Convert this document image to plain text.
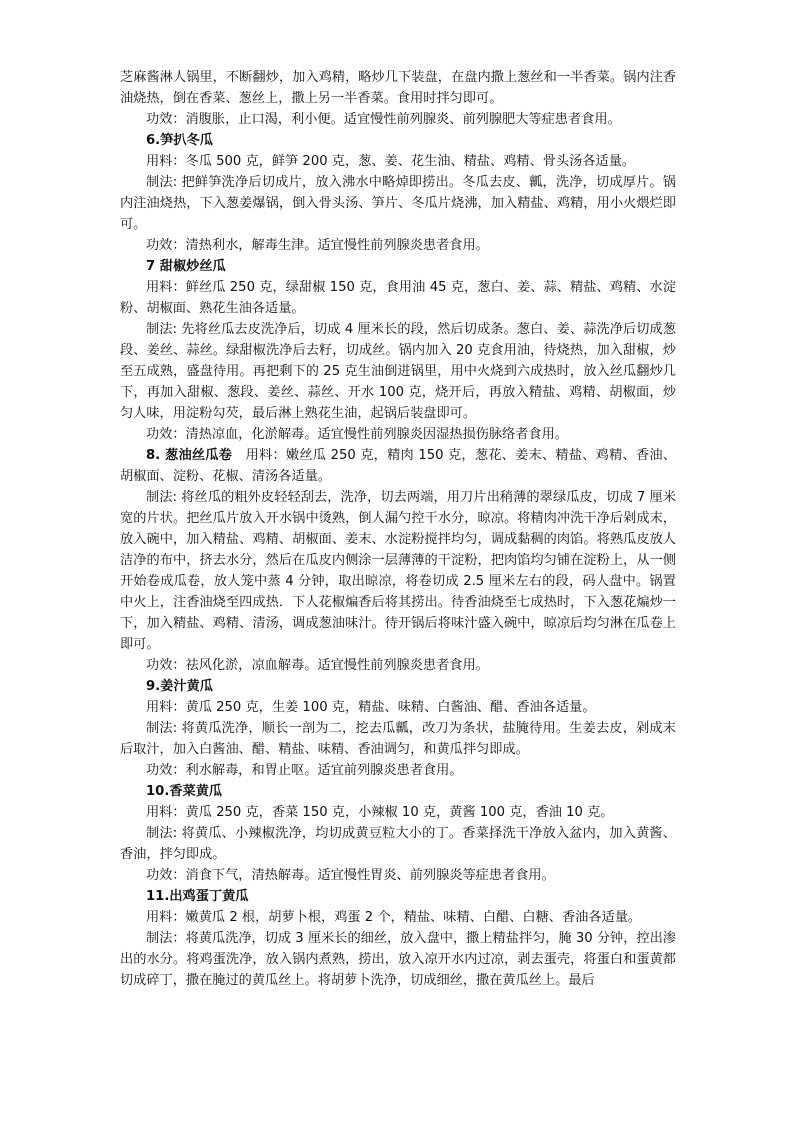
芝麻酱淋人锅里，不断翻炒，加入鸡精，略炒几下装盘，在盘内撒上葱丝和一半香菜。锅内注香油烧热，倒在香菜、葱丝上，撒上另一半香菜。食用时拌匀即可。

功效：消腹胀，止口渴，利小便。适宜慢性前列腺炎、前列腺肥大等症患者食用。

6.笋扒冬瓜

用料：冬瓜 500 克，鲜笋 200 克，葱、姜、花生油、精盐、鸡精、骨头汤各适量。

制法: 把鲜笋洗净后切成片，放入沸水中略焯即捞出。冬瓜去皮、瓤，洗净，切成厚片。锅内注油烧热，下入葱姜爆锅，倒入骨头汤、笋片、冬瓜片烧沸，加入精盐、鸡精，用小火煨烂即可。

功效：清热利水，解毒生津。适宜慢性前列腺炎患者食用。

7 甜椒炒丝瓜

用料：鲜丝瓜 250 克，绿甜椒 150 克，食用油 45 克，葱白、姜、蒜、精盐、鸡精、水淀粉、胡椒面、熟花生油各适量。

制法: 先将丝瓜去皮洗净后，切成 4 厘米长的段，然后切成条。葱白、姜、蒜洗净后切成葱段、姜丝、蒜丝。绿甜椒洗净后去籽，切成丝。锅内加入 20 克食用油，待烧热，加入甜椒，炒至五成熟，盛盘待用。再把剩下的 25 克生油倒进锅里，用中火烧到六成热时，放入丝瓜翻炒几下，再加入甜椒、葱段、姜丝、蒜丝、开水 100 克，烧开后，再放入精盐、鸡精、胡椒面，炒匀人味，用淀粉勾芡，最后淋上熟花生油，起锅后装盘即可。

功效：清热凉血，化淤解毒。适宜慢性前列腺炎因湿热损伤脉络者食用。

8. 葱油丝瓜卷  用料：嫩丝瓜 250 克，精肉 150 克，葱花、姜末、精盐、鸡精、香油、胡椒面、淀粉、花椒、清汤各适量。

制法: 将丝瓜的粗外皮轻轻刮去，洗净，切去两端，用刀片出稍薄的翠绿瓜皮，切成 7 厘米宽的片状。把丝瓜片放入开水锅中烫熟，倒人漏勺控干水分，晾凉。将精肉冲洗干净后剁成末，放入碗中，加入精盐、鸡精、胡椒面、姜末、水淀粉搅拌均匀，调成黏稠的肉馅。将熟瓜皮放人洁净的布中，挤去水分，然后在瓜皮内侧涂一层薄薄的干淀粉，把肉馅均匀铺在淀粉上，从一侧开始卷成瓜卷，放人笼中蒸 4 分钟，取出晾凉，将卷切成 2.5 厘米左右的段，码人盘中。锅置中火上，注香油烧至四成热．下人花椒煸香后将其捞出。待香油烧至七成热时，下入葱花煸炒一下，加入精盐、鸡精、清汤，调成葱油味汁。待开锅后将味汁盛入碗中，晾凉后均匀淋在瓜卷上即可。

功效：祛风化淤，凉血解毒。适宜慢性前列腺炎患者食用。

9.姜汁黄瓜

用料：黄瓜 250 克，生姜 100 克，精盐、味精、白酱油、醋、香油各适量。

制法: 将黄瓜洗净，顺长一剖为二，挖去瓜瓤，改刀为条状，盐腌待用。生姜去皮，剁成末后取汁，加入白酱油、醋、精盐、味精、香油调匀，和黄瓜拌匀即成。

功效：利水解毒，和胃止呕。适宜前列腺炎患者食用。

10.香菜黄瓜

用料：黄瓜 250 克，香菜 150 克，小辣椒 10 克，黄酱 100 克，香油 10 克。

制法: 将黄瓜、小辣椒洗净，均切成黄豆粒大小的丁。香菜择洗干净放入盆内，加入黄酱、香油，拌匀即成。

功效：消食下气，清热解毒。适宜慢性胃炎、前列腺炎等症患者食用。

11.出鸡蛋丁黄瓜

用料：嫩黄瓜 2 根，胡萝卜根，鸡蛋 2 个，精盐、味精、白醋、白糖、香油各适量。

制法：将黄瓜洗净，切成 3 厘米长的细丝，放入盘中，撒上精盐拌匀，腌 30 分钟，控出渗出的水分。将鸡蛋洗净，放入锅内煮熟，捞出，放入凉开水内过凉，剥去蛋壳，将蛋白和蛋黄都切成碎丁，撒在腌过的黄瓜丝上。将胡萝卜洗净，切成细丝，撒在黄瓜丝上。最后
